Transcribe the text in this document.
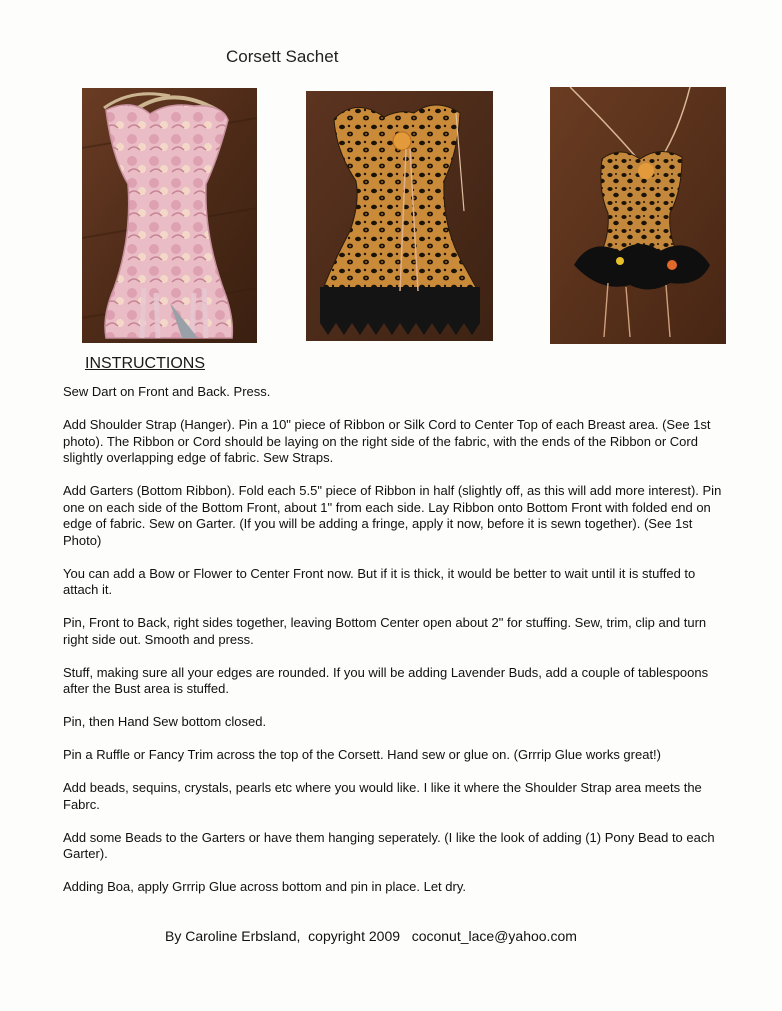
Corsett Sachet
INSTRUCTIONS

Sew Dart on Front and Back. Press.

Add Shoulder Strap (Hanger). Pin a 10" piece of Ribbon or Silk Cord to Center Top of each Breast area. (See 1st photo). The Ribbon or Cord should be laying on the right side of the fabric, with the ends of the Ribbon or Cord slightly overlapping edge of fabric. Sew Straps.

Add Garters (Bottom Ribbon). Fold each 5.5" piece of Ribbon in half (slightly off, as this will add more interest). Pin one on each side of the Bottom Front, about 1" from each side. Lay Ribbon onto Bottom Front with folded end on edge of fabric. Sew on Garter. (If you will be adding a fringe, apply it now, before it is sewn together). (See 1st Photo)

You can add a Bow or Flower to Center Front now. But if it is thick, it would be better to wait until it is stuffed to attach it.

Pin, Front to Back, right sides together, leaving Bottom Center open about 2" for stuffing. Sew, trim, clip and turn right side out. Smooth and press.

Stuff, making sure all your edges are rounded. If you will be adding Lavender Buds, add a couple of tablespoons after the Bust area is stuffed.

Pin, then Hand Sew bottom closed.

Pin a Ruffle or Fancy Trim across the top of the Corsett. Hand sew or glue on. (Grrrip Glue works great!)

Add beads, sequins, crystals, pearls etc where you would like. I like it where the Shoulder Strap area meets the Fabrc.

Add some Beads to the Garters or have them hanging seperately. (I like the look of adding (1) Pony Bead to each Garter).

Adding Boa, apply Grrrip Glue across bottom and pin in place. Let dry.

By Caroline Erbsland,  copyright 2009   coconut_lace@yahoo.com
